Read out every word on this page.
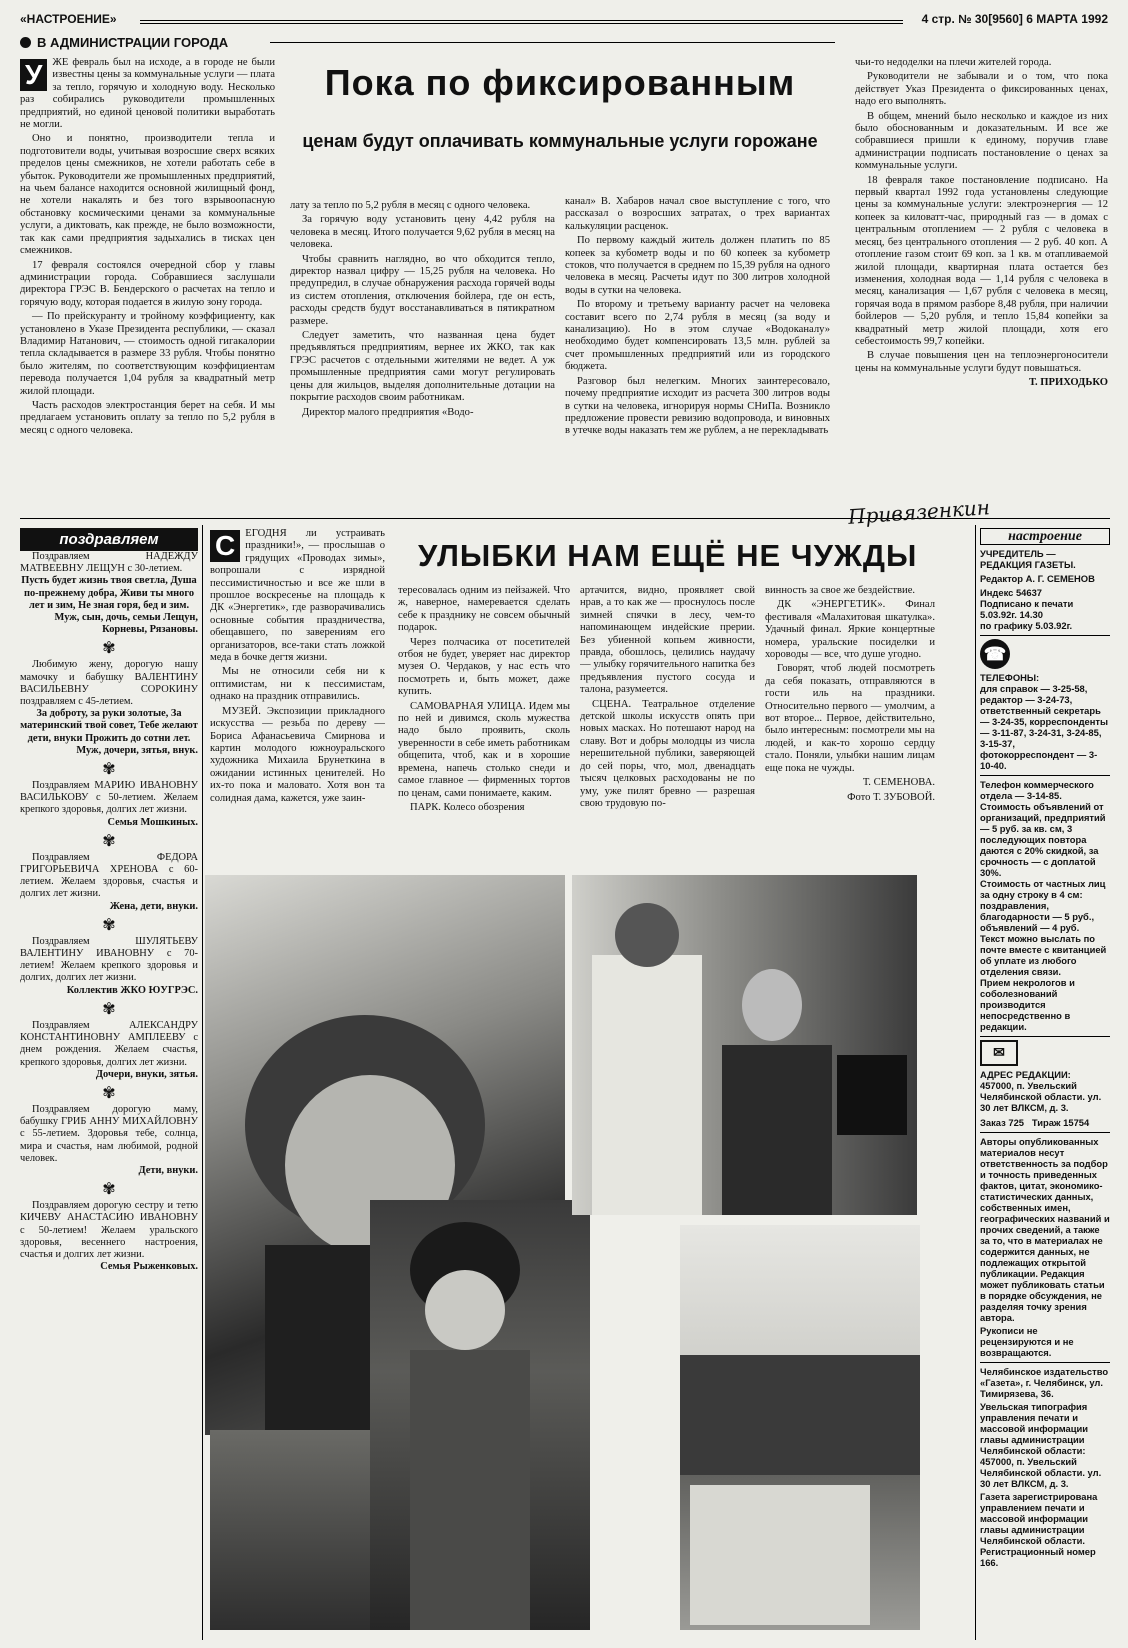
«НАСТРОЕНИЕ»	4 стр. № 30[9560] 6 МАРТА 1992
В АДМИНИСТРАЦИИ ГОРОДА
У ЖЕ февраль был на исходе, а в городе не были известны цены за коммунальные услуги — плата за тепло, горячую и холодную воду. Несколько раз собирались руководители промышленных предприятий, но единой ценовой политики выработать не могли.

Оно и понятно, производители тепла и подготовители воды, учитывая возросшие сверх всяких пределов цены смежников, не хотели работать себе в убыток. Руководители же промышленных предприятий, на чьем балансе находится основной жилищный фонд, не хотели накалять и без того взрывоопасную обстановку космическими ценами за коммунальные услуги, а диктовать, как прежде, не было возможности, так как сами предприятия задыхались в тисках цен смежников.

17 февраля состоялся очередной сбор у главы администрации города. Собравшиеся заслушали директора ГРЭС В. Бендерского о расчетах на тепло и горячую воду, которая подается в жилую зону города.

— По прейскуранту и тройному коэффициенту, как установлено в Указе Президента республики, — сказал Владимир Натанович, — стоимость одной гигакалории тепла складывается в размере 33 рубля. Чтобы понятно было жителям, по соответствующим коэффициентам перевода получается 1,04 рубля за квадратный метр жилой площади.

Часть расходов электростанция берет на себя. И мы предлагаем установить оплату за тепло по 5,2 рубля в месяц с одного человека.

Пока по фиксированным
ценам будут оплачивать коммунальные услуги горожане

лату за тепло по 5,2 рубля в месяц с одного человека.

За горячую воду установить цену 4,42 рубля на человека в месяц. Итого получается 9,62 рубля в месяц на человека.

Чтобы сравнить наглядно, во что обходится тепло, директор назвал цифру — 15,25 рубля на человека. Но предупредил, в случае обнаружения расхода горячей воды из систем отопления, отключения бойлера, где он есть, расходы средств будут восстанавливаться в пятикратном размере.

Следует заметить, что названная цена будет предъявляться предприятиям, вернее их ЖКО, так как ГРЭС расчетов с отдельными жителями не ведет. А уж промышленные предприятия сами могут регулировать цены для жильцов, выделяя дополнительные дотации на покрытие расходов своим работникам.

Директор малого предприятия «Водо-

канал» В. Хабаров начал свое выступление с того, что рассказал о возросших затратах, о трех вариантах калькуляции расценок.

По первому каждый житель должен платить по 85 копеек за кубометр воды и по 60 копеек за кубометр стоков, что получается в среднем по 15,39 рубля на одного человека в месяц. Расчеты идут по 300 литров холодной воды в сутки на человека.

По второму и третьему варианту расчет на человека составит всего по 2,74 рубля в месяц (за воду и канализацию). Но в этом случае «Водоканалу» необходимо будет компенсировать 13,5 млн. рублей за счет промышленных предприятий или из городского бюджета.

Разговор был нелегким. Многих заинтересовало, почему предприятие исходит из расчета 300 литров воды в сутки на человека, игнорируя нормы СНиПа. Возникло предложение провести ревизию водопровода, и виновных в утечке воды наказать тем же рублем, а не перекладывать

чьи-то недоделки на плечи жителей города.

Руководители не забывали и о том, что пока действует Указ Президента о фиксированных ценах, надо его выполнять.

В общем, мнений было несколько и каждое из них было обоснованным и доказательным. И все же собравшиеся пришли к единому, поручив главе администрации подписать постановление о ценах за коммунальные услуги.

18 февраля такое постановление подписано. На первый квартал 1992 года установлены следующие цены за коммунальные услуги: электроэнергия — 12 копеек за киловатт-час, природный газ — в домах с центральным отоплением — 2 рубля с человека в месяц, без центрального отопления — 2 руб. 40 коп. А отопление газом стоит 69 коп. за 1 кв. м отапливаемой жилой площади, квартирная плата остается без изменения, холодная вода — 1,14 рубля с человека в месяц, канализация — 1,67 рубля с человека в месяц, горячая вода в прямом разборе 8,48 рубля, при наличии бойлеров — 5,20 рубля, и тепло 15,84 копейки за квадратный метр жилой площади, хотя его себестоимость 99,7 копейки.

В случае повышения цен на теплоэнергоносители цены на коммунальные услуги будут повышаться.

Т. ПРИХОДЬКО

поздравляем
Поздравляем НАДЕЖДУ МАТВЕЕВНУ ЛЕЩУН с 30-летием.
Пусть будет жизнь твоя светла, Душа по-прежнему добра, Живи ты много лет и зим, Не зная горя, бед и зим.
Муж, сын, дочь, семьи Лещун, Корневы, Рязановы.
✾
Любимую жену, дорогую нашу мамочку и бабушку ВАЛЕНТИНУ ВАСИЛЬЕВНУ СОРОКИНУ поздравляем с 45-летием.
За доброту, за руки золотые, За материнский твой совет, Тебе желают дети, внуки Прожить до сотни лет.
Муж, дочери, зятья, внук.
✾
Поздравляем МАРИЮ ИВАНОВНУ ВАСИЛЬКОВУ с 50-летием. Желаем крепкого здоровья, долгих лет жизни.
Семья Мошкиных.
✾
Поздравляем ФЕДОРА ГРИГОРЬЕВИЧА ХРЕНОВА с 60-летием. Желаем здоровья, счастья и долгих лет жизни.
Жена, дети, внуки.
✾
Поздравляем ШУЛЯТЬЕВУ ВАЛЕНТИНУ ИВАНОВНУ с 70-летием! Желаем крепкого здоровья и долгих, долгих лет жизни.
Коллектив ЖКО ЮУГРЭС.
✾
Поздравляем АЛЕКСАНДРУ КОНСТАНТИНОВНУ АМПЛЕЕВУ с днем рождения. Желаем счастья, крепкого здоровья, долгих лет жизни.
Дочери, внуки, зятья.
✾
Поздравляем дорогую маму, бабушку ГРИБ АННУ МИХАЙЛОВНУ с 55-летием. Здоровья тебе, солнца, мира и счастья, нам любимой, родной человек.
Дети, внуки.
✾
Поздравляем дорогую сестру и тетю КИЧЕВУ АНАСТАСИЮ ИВАНОВНУ с 50-летием! Желаем уральского здоровья, весеннего настроения, счастья и долгих лет жизни.
Семья Рыженковых.
С ЕГОДНЯ ли устраивать праздники!», — прослышав о грядущих «Проводах зимы», вопрошали с изрядной пессимистичностью и все же шли в прошлое воскресенье на площадь к ДК «Энергетик», где разворачивались основные события праздничества, обещавшего, по заверениям его организаторов, все-таки стать ложкой меда в бочке дегтя жизни.

Мы не относили себя ни к оптимистам, ни к пессимистам, однако на праздник отправились.

МУЗЕЙ. Экспозиции прикладного искусства — резьба по дереву — Бориса Афанасьевича Смирнова и картин молодого южноуральского художника Михаила Брунеткина в ожидании истинных ценителей. Но их-то пока и маловато. Хотя вон та солидная дама, кажется, уже заин-

УЛЫБКИ НАМ ЕЩЁ НЕ ЧУЖДЫ

тересовалась одним из пейзажей. Что ж, наверное, намеревается сделать себе к празднику не совсем обычный подарок.

Через полчасика от посетителей отбоя не будет, уверяет нас директор музея О. Чердаков, у нас есть что посмотреть и, быть может, даже купить.

САМОВАРНАЯ УЛИЦА. Идем мы по ней и дивимся, сколь мужества надо было проявить, сколь уверенности в себе иметь работникам общепита, чтоб, как и в хорошие времена, напечь столько снеди и самое главное — фирменных тортов по ценам, сами понимаете, каким.

ПАРК. Колесо обозрения

артачится, видно, проявляет свой нрав, а то как же — проснулось после зимней спячки в лесу, чем-то напоминающем индейские прерии. Без убиенной копьем живности, правда, обошлось, целились наудачу — улыбку горячительного напитка без предъявления пустого сосуда и талона, разумеется.

СЦЕНА. Театральное отделение детской школы искусств опять при новых масках. Но потешают народ на славу. Вот и добры молодцы из числа нерешительной публики, заверяющей до сей поры, что, мол, двенадцать тысяч целковых расходованы не по уму, уже пилят бревно — разрешая свою трудовую по-

винность за свое же бездействие.

ДК «ЭНЕРГЕТИК». Финал фестиваля «Малахитовая шкатулка». Удачный финал. Яркие концертные номера, уральские посиделки и хороводы — все, что душе угодно.

Говорят, чтоб людей посмотреть да себя показать, отправляются в гости иль на праздники. Относительно первого — умолчим, а вот второе... Первое, действительно, было интересным: посмотрели мы на людей, и как-то хорошо сердцу стало. Поняли, улыбки нашим лицам еще пока не чужды.

Т. СЕМЕНОВА.

Фото Т. ЗУБОВОЙ.

Привязенкин
настроение
УЧРЕДИТЕЛЬ — РЕДАКЦИЯ ГАЗЕТЫ.
Редактор А. Г. СЕМЕНОВ
Индекс 54637
Подписано к печати
5.03.92г. 14.30
по графику 5.03.92г.
☎
ТЕЛЕФОНЫ:
для справок — 3-25-58, редактор — 3-24-73, ответственный секретарь — 3-24-35, корреспонденты — 3-11-87, 3-24-31, 3-24-85, 3-15-37, фотокорреспондент — 3-10-40.
Телефон коммерческого отдела — 3-14-85.
Стоимость объявлений от организаций, предприятий — 5 руб. за кв. см, 3 последующих повтора даются с 20% скидкой, за срочность — с доплатой 30%.
Стоимость от частных лиц за одну строку в 4 см: поздравления, благодарности — 5 руб., объявлений — 4 руб.
Текст можно выслать по почте вместе с квитанцией об уплате из любого отделения связи.
Прием некрологов и соболезнований производится непосредственно в редакции.
✉
АДРЕС РЕДАКЦИИ:
457000, п. Увельский Челябинской области. ул. 30 лет ВЛКСМ, д. 3.
Заказ 725 Тираж 15754
Авторы опубликованных материалов несут ответственность за подбор и точность приведенных фактов, цитат, экономико-статистических данных, собственных имен, географических названий и прочих сведений, а также за то, что в материалах не содержится данных, не подлежащих открытой публикации. Редакция может публиковать статьи в порядке обсуждения, не разделяя точку зрения автора.
Рукописи не рецензируются и не возвращаются.
Челябинское издательство «Газета», г. Челябинск, ул. Тимирязева, 36.
Увельская типография управления печати и массовой информации главы администрации Челябинской области: 457000, п. Увельский Челябинской области. ул. 30 лет ВЛКСМ, д. 3.
Газета зарегистрирована управлением печати и массовой информации главы администрации Челябинской области. Регистрационный номер 166.
